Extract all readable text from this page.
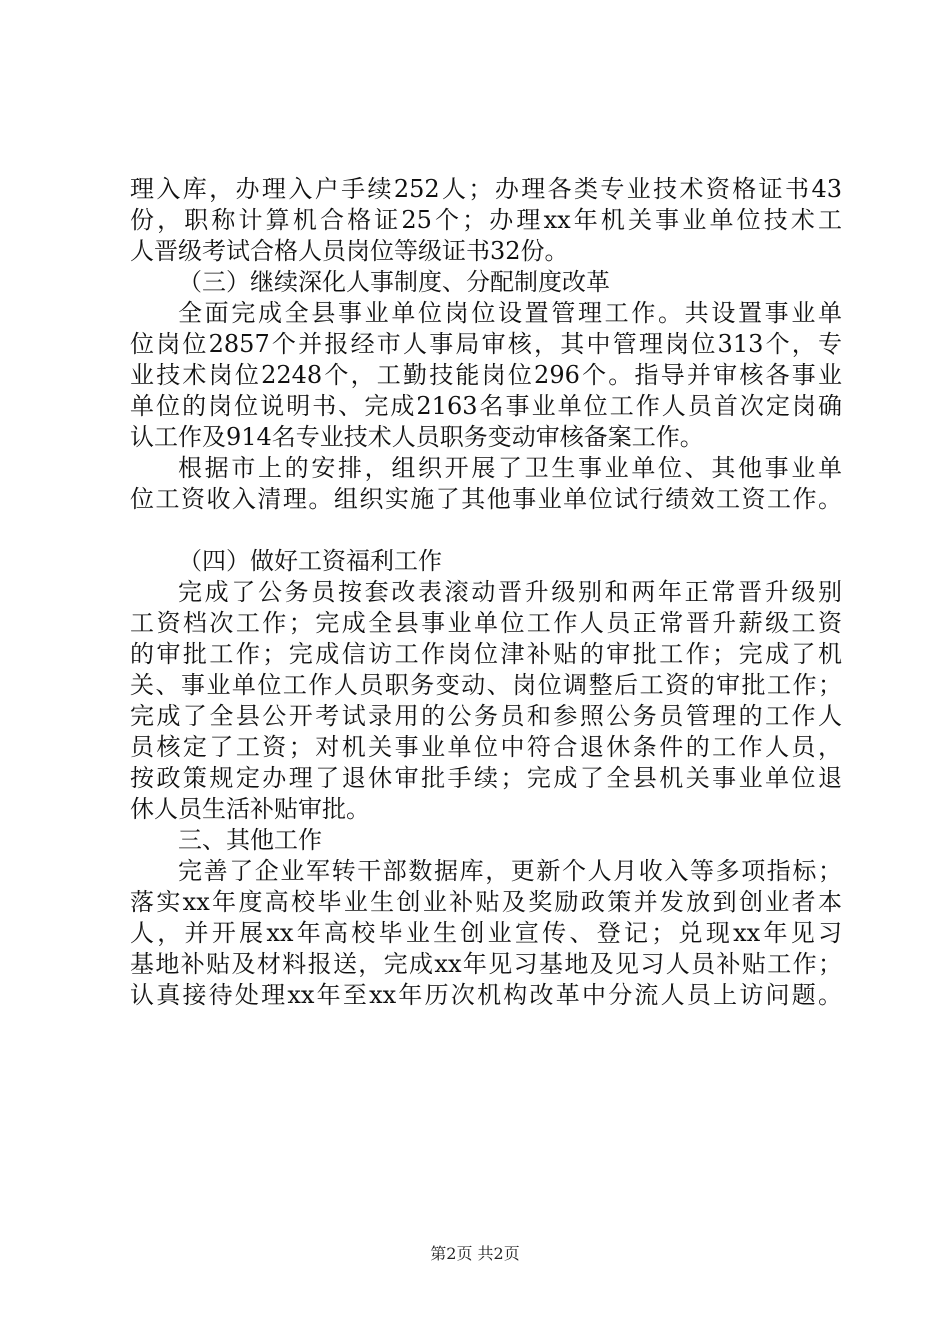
理入库，办理入户手续252人；办理各类专业技术资格证书43
份，职称计算机合格证25个；办理xx年机关事业单位技术工
人晋级考试合格人员岗位等级证书32份。
（三）继续深化人事制度、分配制度改革
全面完成全县事业单位岗位设置管理工作。共设置事业单
位岗位2857个并报经市人事局审核，其中管理岗位313个，专
业技术岗位2248个，工勤技能岗位296个。指导并审核各事业
单位的岗位说明书、完成2163名事业单位工作人员首次定岗确
认工作及914名专业技术人员职务变动审核备案工作。
根据市上的安排，组织开展了卫生事业单位、其他事业单
位工资收入清理。组织实施了其他事业单位试行绩效工资工作。
（四）做好工资福利工作
完成了公务员按套改表滚动晋升级别和两年正常晋升级别
工资档次工作；完成全县事业单位工作人员正常晋升薪级工资
的审批工作；完成信访工作岗位津补贴的审批工作；完成了机
关、事业单位工作人员职务变动、岗位调整后工资的审批工作；
完成了全县公开考试录用的公务员和参照公务员管理的工作人
员核定了工资；对机关事业单位中符合退休条件的工作人员，
按政策规定办理了退休审批手续；完成了全县机关事业单位退
休人员生活补贴审批。
三、其他工作
完善了企业军转干部数据库，更新个人月收入等多项指标；
落实xx年度高校毕业生创业补贴及奖励政策并发放到创业者本
人，并开展xx年高校毕业生创业宣传、登记；兑现xx年见习
基地补贴及材料报送，完成xx年见习基地及见习人员补贴工作；
认真接待处理xx年至xx年历次机构改革中分流人员上访问题。
第2页 共2页
